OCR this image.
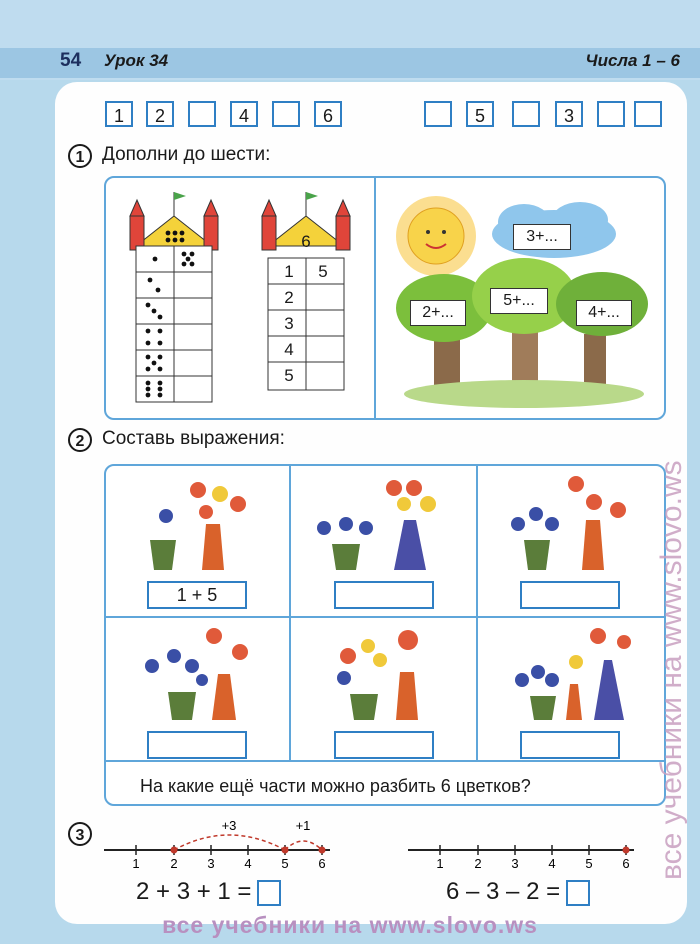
54 Урок 34	Числа 1 – 6
1	2	4	6	5	3
1 Дополни до шести:
6
1	5
2
3
4
5
3+...
2+...
5+...
4+...
2 Составь выражения:
1 + 5
На какие ещё части можно разбить 6 цветков?
3
1 2 3 4 5 6
+3	+1
1 2 3 4 5 6
2 + 3 + 1 =	6 – 3 – 2 =
все учебники на www.slovo.ws
все учебники на www.slovo.ws
